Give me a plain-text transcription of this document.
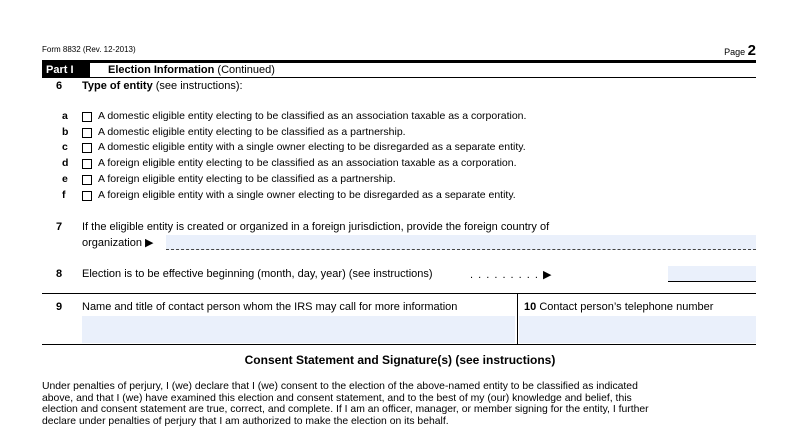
Form 8832 (Rev. 12-2013)	Page 2
Part I	Election Information (Continued)
6 Type of entity (see instructions):
a	A domestic eligible entity electing to be classified as an association taxable as a corporation.
b	A domestic eligible entity electing to be classified as a partnership.
c	A domestic eligible entity with a single owner electing to be disregarded as a separate entity.
d	A foreign eligible entity electing to be classified as an association taxable as a corporation.
e	A foreign eligible entity electing to be classified as a partnership.
f	A foreign eligible entity with a single owner electing to be disregarded as a separate entity.
7 If the eligible entity is created or organized in a foreign jurisdiction, provide the foreign country of
organization ▶
8 Election is to be effective beginning (month, day, year) (see instructions)	. . . . . . . . . ▶
9 Name and title of contact person whom the IRS may call for more information	10 Contact person’s telephone number
Consent Statement and Signature(s) (see instructions)
Under penalties of perjury, I (we) declare that I (we) consent to the election of the above-named entity to be classified as indicated
above, and that I (we) have examined this election and consent statement, and to the best of my (our) knowledge and belief, this
election and consent statement are true, correct, and complete. If I am an officer, manager, or member signing for the entity, I further
declare under penalties of perjury that I am authorized to make the election on its behalf.
